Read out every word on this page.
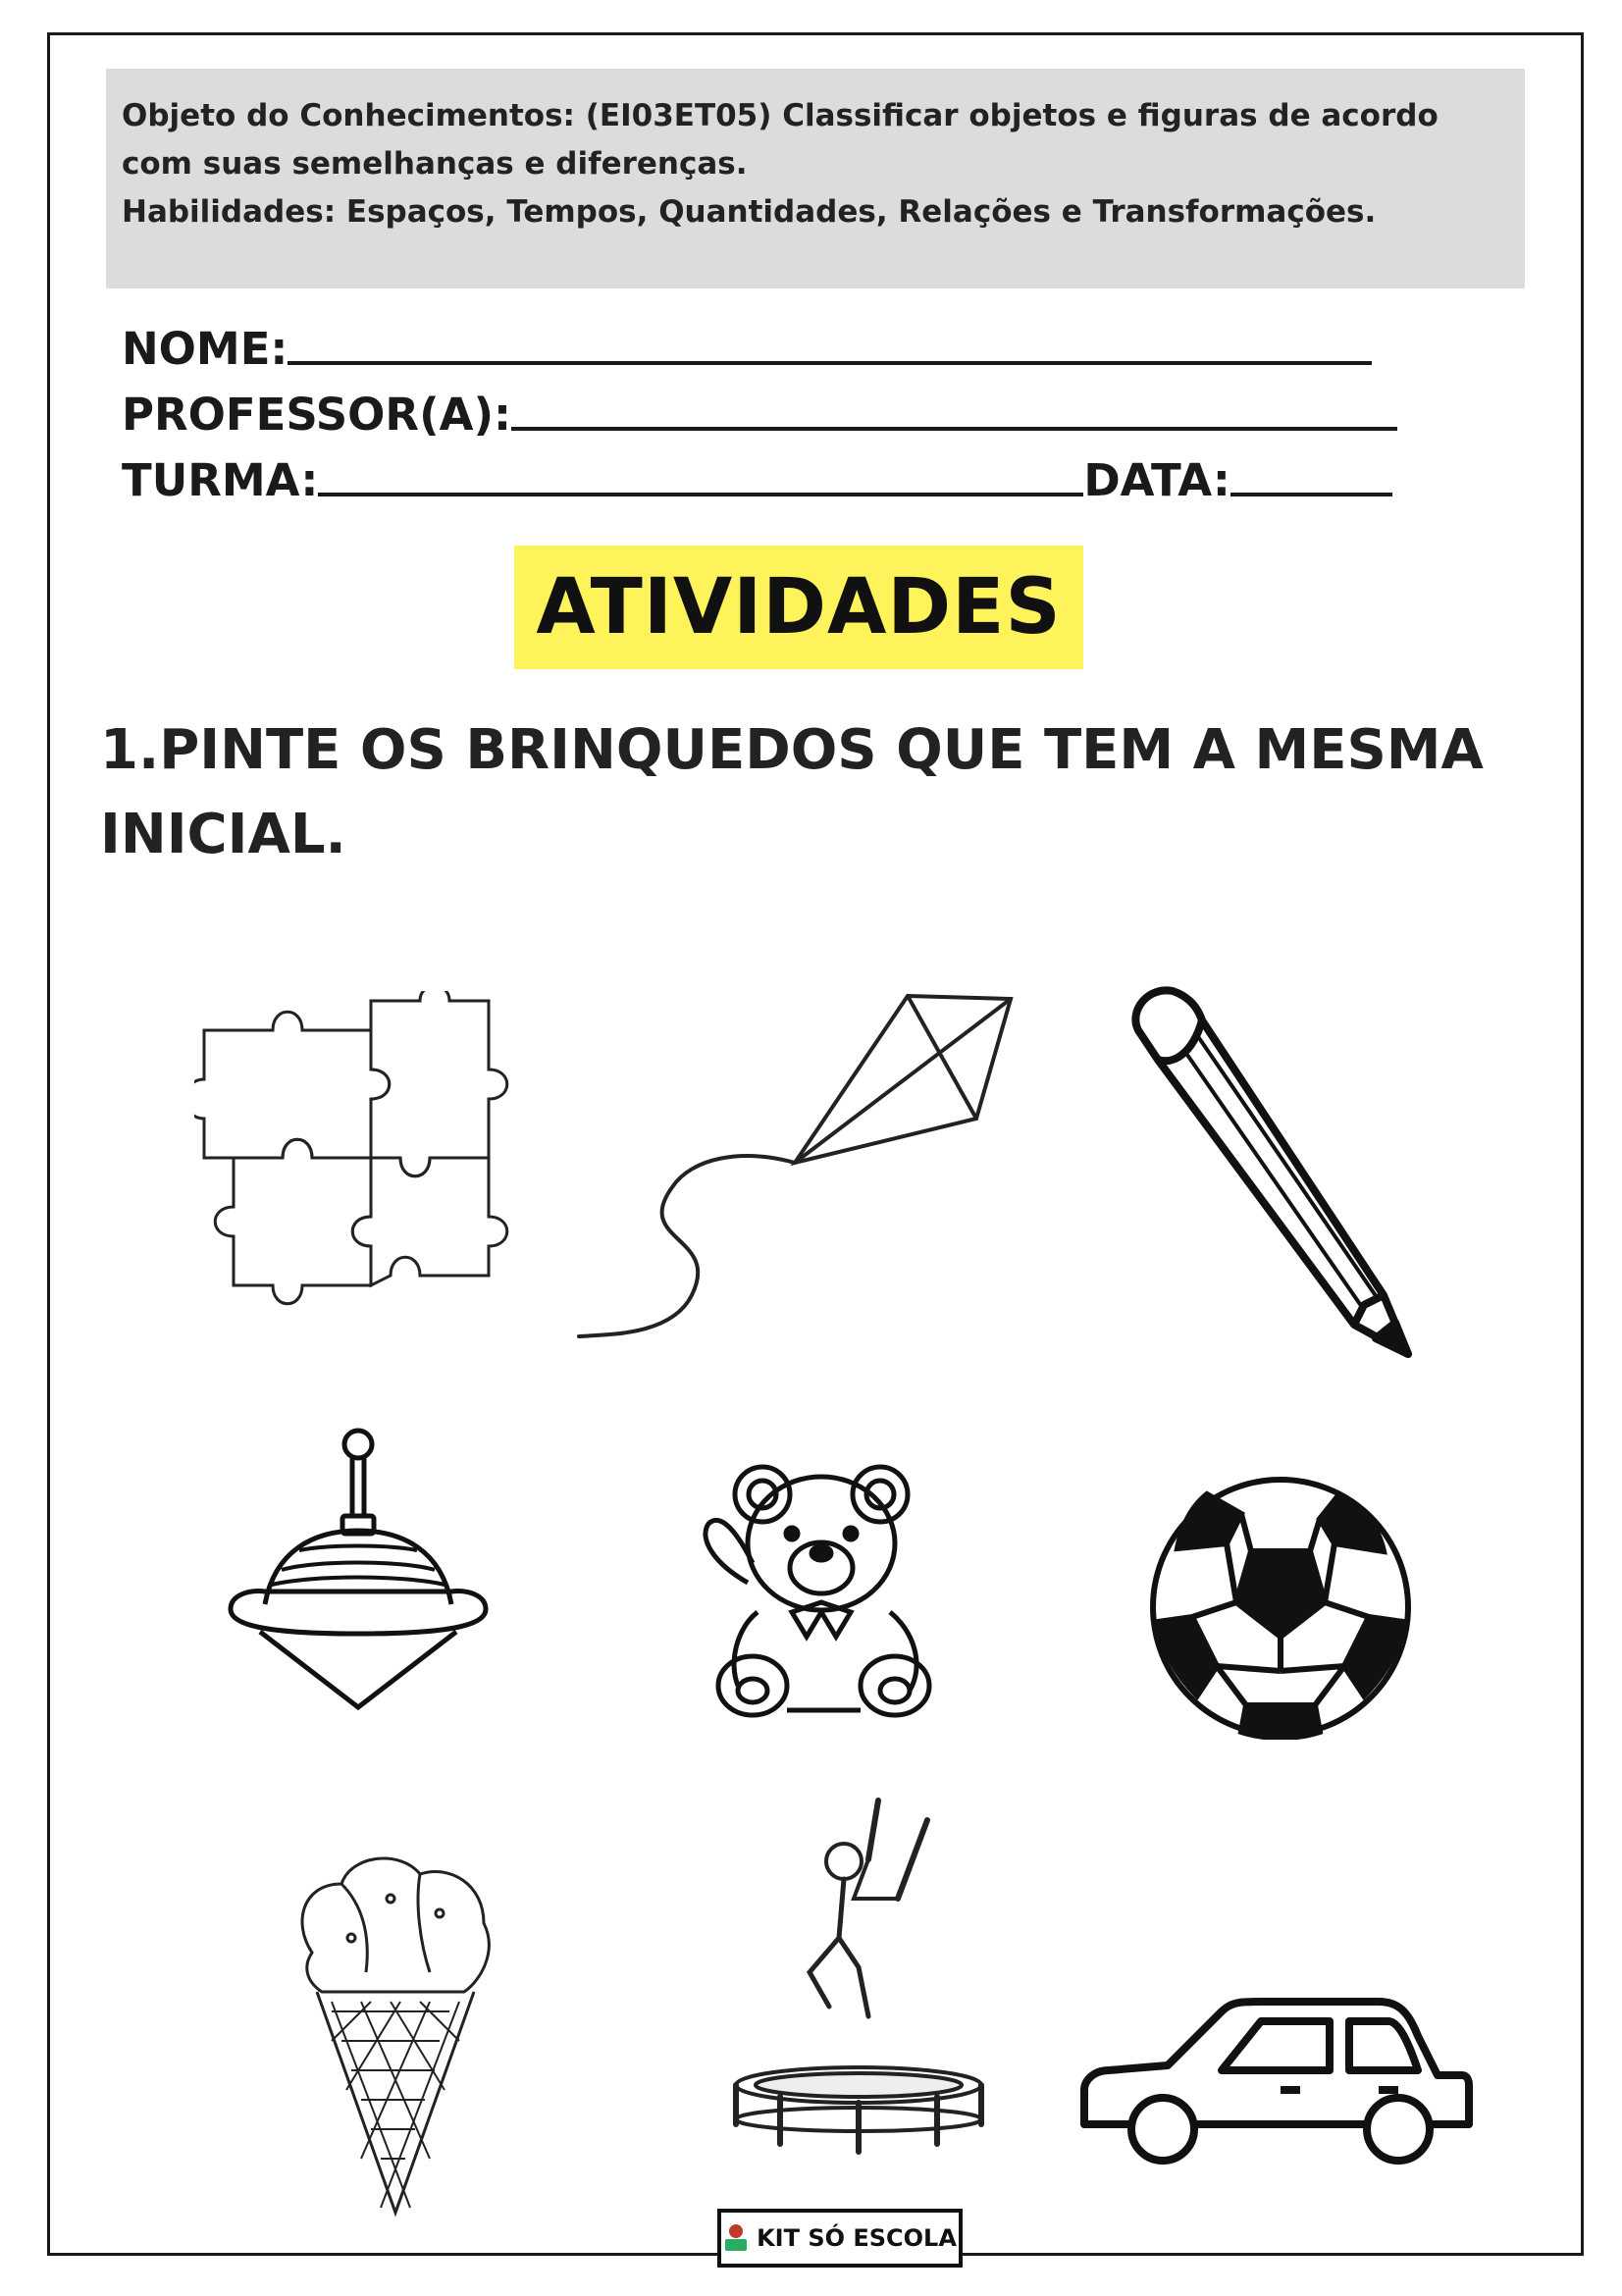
Objeto do Conhecimentos: (EI03ET05) Classificar objetos e figuras de acordo

com suas semelhanças e diferenças.

Habilidades: Espaços, Tempos, Quantidades, Relações e Transformações.

NOME:
PROFESSOR(A):
TURMA:	DATA:
ATIVIDADES

1.PINTE OS BRINQUEDOS QUE TEM A MESMA
INICIAL.

KIT SÓ ESCOLA
